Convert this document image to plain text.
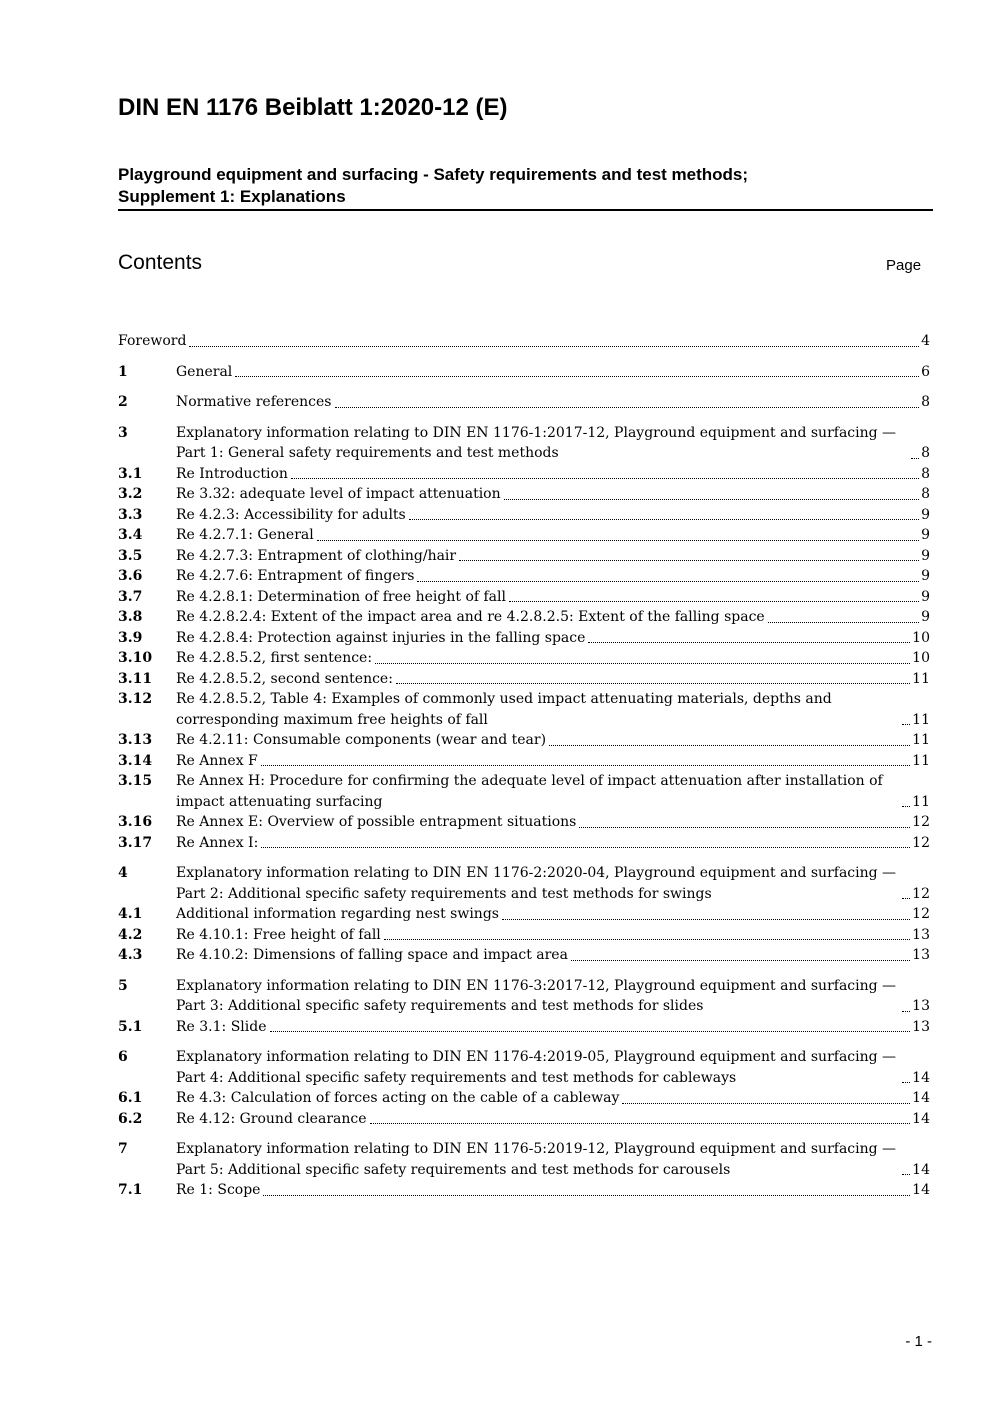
DIN EN 1176 Beiblatt 1:2020-12 (E)
Playground equipment and surfacing - Safety requirements and test methods;
Supplement 1: Explanations
Contents	Page
Foreword	4
1	General	6
2	Normative references	8
3	Explanatory information relating to DIN EN 1176-1:2017-12, Playground equipment and surfacing — Part 1: General safety requirements and test methods	8
3.1	Re Introduction	8
3.2	Re 3.32: adequate level of impact attenuation	8
3.3	Re 4.2.3: Accessibility for adults	9
3.4	Re 4.2.7.1: General	9
3.5	Re 4.2.7.3: Entrapment of clothing/hair	9
3.6	Re 4.2.7.6: Entrapment of fingers	9
3.7	Re 4.2.8.1: Determination of free height of fall	9
3.8	Re 4.2.8.2.4: Extent of the impact area and re 4.2.8.2.5: Extent of the falling space	9
3.9	Re 4.2.8.4: Protection against injuries in the falling space	10
3.10	Re 4.2.8.5.2, first sentence:	10
3.11	Re 4.2.8.5.2, second sentence:	11
3.12	Re 4.2.8.5.2, Table 4: Examples of commonly used impact attenuating materials, depths and corresponding maximum free heights of fall	11
3.13	Re 4.2.11: Consumable components (wear and tear)	11
3.14	Re Annex F	11
3.15	Re Annex H: Procedure for confirming the adequate level of impact attenuation after installation of impact attenuating surfacing	11
3.16	Re Annex E: Overview of possible entrapment situations	12
3.17	Re Annex I:	12
4	Explanatory information relating to DIN EN 1176-2:2020-04, Playground equipment and surfacing — Part 2: Additional specific safety requirements and test methods for swings	12
4.1	Additional information regarding nest swings	12
4.2	Re 4.10.1: Free height of fall	13
4.3	Re 4.10.2: Dimensions of falling space and impact area	13
5	Explanatory information relating to DIN EN 1176-3:2017-12, Playground equipment and surfacing — Part 3: Additional specific safety requirements and test methods for slides	13
5.1	Re 3.1: Slide	13
6	Explanatory information relating to DIN EN 1176-4:2019-05, Playground equipment and surfacing — Part 4: Additional specific safety requirements and test methods for cableways	14
6.1	Re 4.3: Calculation of forces acting on the cable of a cableway	14
6.2	Re 4.12: Ground clearance	14
7	Explanatory information relating to DIN EN 1176-5:2019-12, Playground equipment and surfacing — Part 5: Additional specific safety requirements and test methods for carousels	14
7.1	Re 1: Scope	14
- 1 -
